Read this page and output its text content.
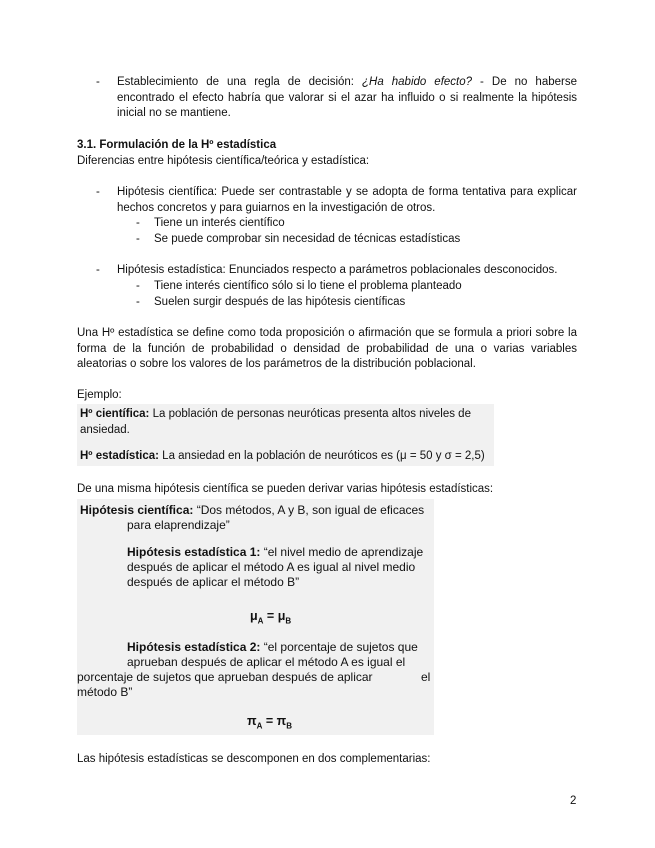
- Establecimiento de una regla de decisión: ¿Ha habido efecto? - De no haberse encontrado el efecto habría que valorar si el azar ha influido o si realmente la hipótesis inicial no se mantiene.

3.1. Formulación de la Hº estadística

Diferencias entre hipótesis científica/teórica y estadística:

- Hipótesis científica: Puede ser contrastable y se adopta de forma tentativa para explicar hechos concretos y para guiarnos en la investigación de otros.

- Tiene un interés científico

- Se puede comprobar sin necesidad de técnicas estadísticas

- Hipótesis estadística: Enunciados respecto a parámetros poblacionales desconocidos.

- Tiene interés científico sólo si lo tiene el problema planteado

- Suelen surgir después de las hipótesis científicas

Una Hº estadística se define como toda proposición o afirmación que se formula a priori sobre la forma de la función de probabilidad o densidad de probabilidad de una o varias variables aleatorias o sobre los valores de los parámetros de la distribución poblacional.

Ejemplo:

Hº científica: La población de personas neuróticas presenta altos niveles de ansiedad.

Hº estadística: La ansiedad en la población de neuróticos es (μ = 50 y σ = 2,5)

De una misma hipótesis científica se pueden derivar varias hipótesis estadísticas:

Hipótesis científica: “Dos métodos, A y B, son igual de eficaces

para elaprendizaje”

Hipótesis estadística 1: “el nivel medio de aprendizaje

después de aplicar el método A es igual al nivel medio

después de aplicar el método B”

$\mu_A = \mu_B$

Hipótesis estadística 2: “el porcentaje de sujetos que

aprueban después de aplicar el método A es igual el

porcentaje de sujetos que aprueban después de aplicar	el

método B”

$\pi_A = \pi_B$

Las hipótesis estadísticas se descomponen en dos complementarias:

2
